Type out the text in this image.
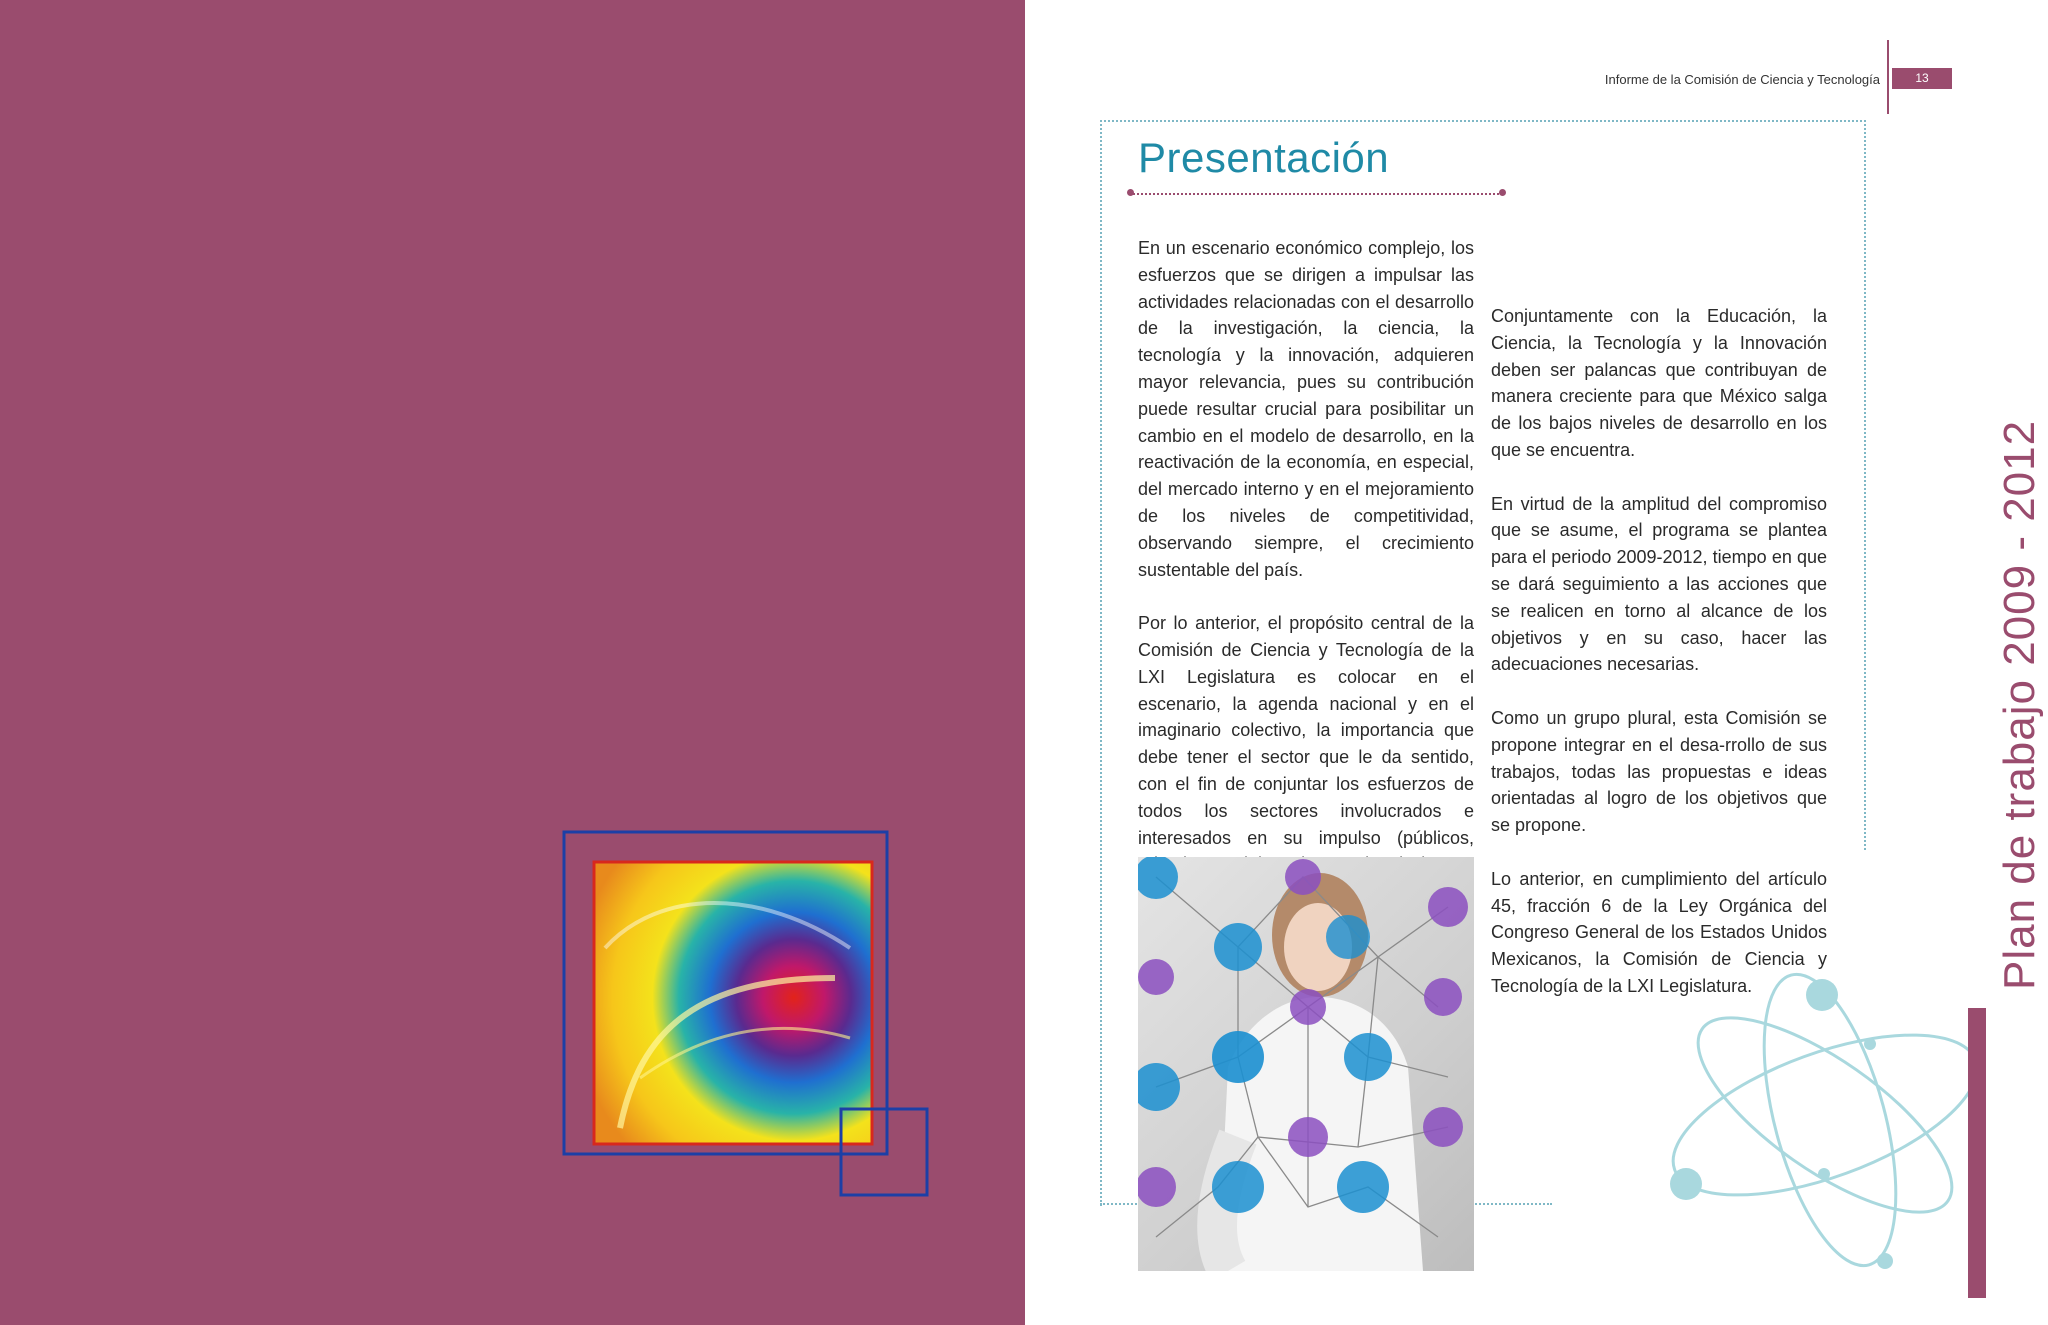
Informe de la Comisión de Ciencia y Tecnología	13
Presentación

En un escenario económico complejo, los esfuerzos que se dirigen a impulsar las actividades relacionadas con el desarrollo de la investigación, la ciencia, la tecnología y la innovación, adquieren mayor relevancia, pues su contribución puede resultar crucial para posibilitar un cambio en el modelo de desarrollo, en la reactivación de la economía, en especial, del mercado interno y en el mejoramiento de los niveles de competitividad, observando siempre, el crecimiento sustentable del país.

Por lo anterior, el propósito central de la Comisión de Ciencia y Tecnología de la LXI Legislatura es colocar en el escenario, la agenda nacional y en el imaginario colectivo, la importancia que debe tener el sector que le da sentido, con el fin de conjuntar los esfuerzos de todos los sectores involucrados e interesados en su impulso (públicos,

Conjuntamente con la Educación, la Ciencia, la Tecnología y la Innovación deben ser palancas que contribuyan de manera creciente para que México salga de los bajos niveles de desarrollo en los que se encuentra.

En virtud de la amplitud del compromiso que se asume, el programa se plantea para el periodo 2009-2012, tiempo en que se dará seguimiento a las acciones que se realicen en torno al alcance de los objetivos y en su caso, hacer las adecuaciones necesarias.

Como un grupo plural, esta Comisión se propone integrar en el desa-rrollo de sus trabajos, todas las propuestas e ideas orientadas al logro de los objetivos que se propone.

Lo anterior, en cumplimiento del artículo 45, fracción 6 de la Ley Orgánica del Congreso General de los Estados Unidos Mexicanos, la Comisión de Ciencia y Tecnología de la LXI Legislatura.	Plan de trabajo 2009 - 2012
